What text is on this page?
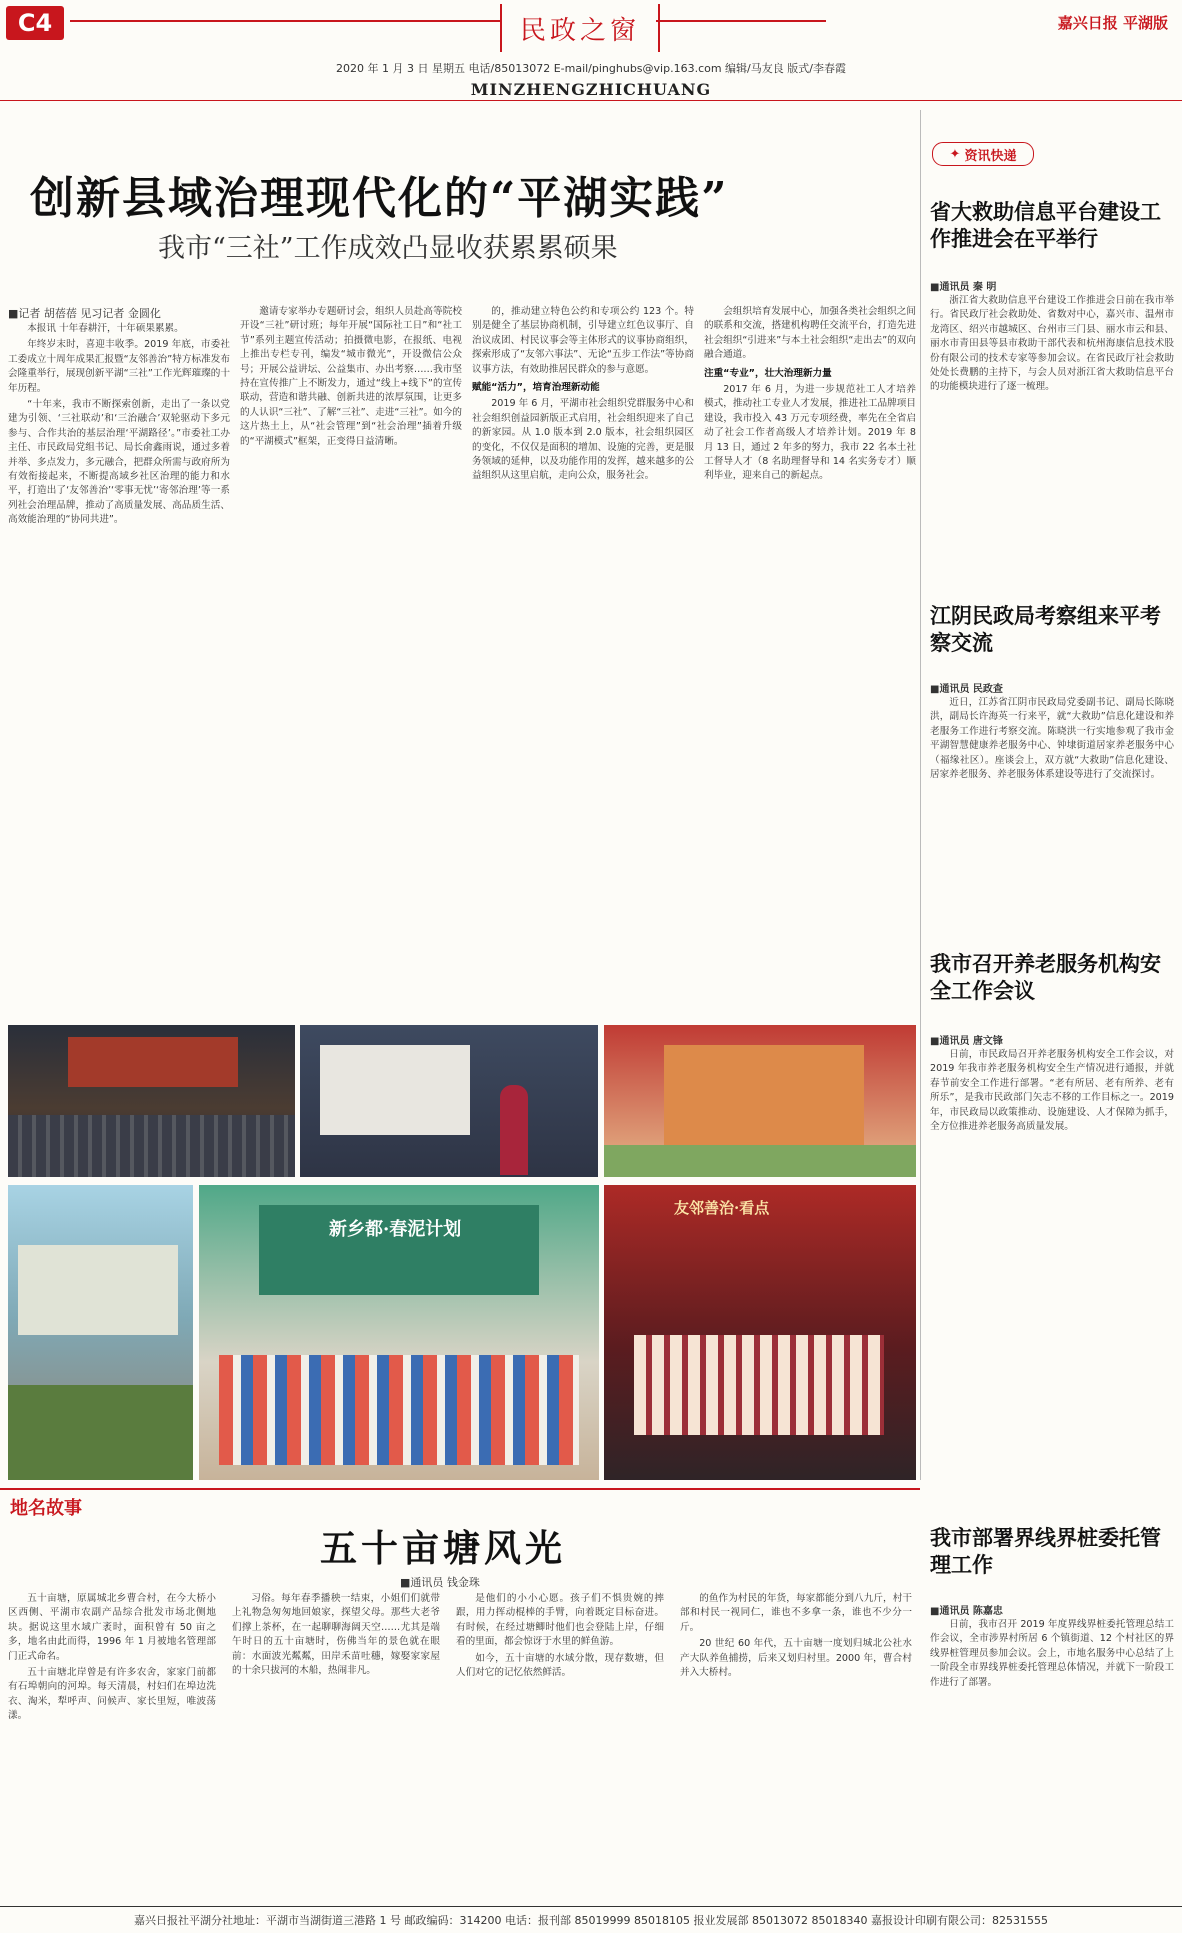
C4	民政之窗	嘉兴日报 平湖版
2020 年 1 月 3 日 星期五 电话/85013072 E-mail/pinghubs@vip.163.com 编辑/马友良 版式/李春霞
MINZHENGZHICHUANG
创新县域治理现代化的“平湖实践”
我市“三社”工作成效凸显收获累累硕果
■记者 胡蓓蓓 见习记者 金圆化

本报讯 十年春耕汗，十年硕果累累。

年终岁末时，喜迎丰收季。2019 年底，市委社工委成立十周年成果汇报暨“友邻善治”特方标准发布会隆重举行，展现创新平湖“三社”工作光辉璀璨的十年历程。

“十年来，我市不断探索创新，走出了一条以党建为引领、‘三社联动’和‘三治融合’双轮驱动下多元参与、合作共治的基层治理‘平湖路径’。”市委社工办主任、市民政局党组书记、局长俞鑫雨说，通过多着并举、多点发力，多元融合，把群众所需与政府所为有效衔接起来，不断提高域乡社区治理的能力和水平，打造出了‘友邻善治’‘零事无忧’‘寄邻治理’等一系列社会治理品牌，推动了高质量发展、高品质生活、高效能治理的“协同共进”。

邀请专家举办专题研讨会，组织人员赴高等院校开设“三社”研讨班；每年开展“国际社工日”和“社工节”系列主题宣传活动；拍摄微电影，在报纸、电视上推出专栏专刊，编发“城市微光”，开设微信公众号；开展公益讲坛、公益集市、办出考察……我市坚持在宣传推广上不断发力，通过“线上+线下”的宣传联动，营造和谐共融、创新共进的浓厚氛围，让更多的人认识“三社”、了解“三社”、走进“三社”。如今的这片热土上，从“社会管理”到“社会治理”插着升级的“平湖模式”框架，正变得日益清晰。

的，推动建立特色公约和专项公约 123 个。特别是健全了基层协商机制，引导建立红色议事厅、自治议成团、村民议事会等主体形式的议事协商组织，探索形成了“友邻六事法”、无论“五步工作法”等协商议事方法，有效助推居民群众的参与意愿。

赋能“活力”，培育治理新动能

2019 年 6 月，平湖市社会组织党群服务中心和社会组织创益园新版正式启用，社会组织迎来了自己的新家园。从 1.0 版本到 2.0 版本，社会组织园区的变化，不仅仅是面积的增加、设施的完善，更是服务领域的延伸，以及功能作用的发挥，越来越多的公益组织从这里启航，走向公众，服务社会。

会组织培育发展中心，加强各类社会组织之间的联系和交流，搭建机构聘任交流平台，打造先进社会组织“引进来”与本土社会组织“走出去”的双向融合通道。

注重“专业”，壮大治理新力量

2017 年 6 月，为进一步规范社工人才培养模式，推动社工专业人才发展，推进社工品牌项目建设，我市投入 43 万元专项经费，率先在全省启动了社会工作者高级人才培养计划。2019 年 8 月 13 日，通过 2 年多的努力，我市 22 名本土社工督导人才（8 名助理督导和 14 名实务专才）顺利毕业，迎来自己的新起点。

新乡都·春泥计划
友邻善治·看点
✦ 资讯快递
省大救助信息平台建设工作推进会在平举行
■通讯员 秦 明

浙江省大救助信息平台建设工作推进会日前在我市举行。省民政厅社会救助处、省数对中心，嘉兴市、温州市龙湾区、绍兴市越城区、台州市三门县、丽水市云和县、丽水市青田县等县市救助干部代表和杭州海康信息技术股份有限公司的技术专家等参加会议。在省民政厅社会救助处处长费鹏的主持下，与会人员对浙江省大救助信息平台的功能模块进行了逐一梳理。

江阴民政局考察组来平考察交流
■通讯员 民政查

近日，江苏省江阴市民政局党委副书记、副局长陈晓洪，副局长许海英一行来平，就“大救助”信息化建设和养老服务工作进行考察交流。陈晓洪一行实地参观了我市金平湖智慧健康养老服务中心、钟埭街道居家养老服务中心（福缘社区）。座谈会上，双方就“大救助”信息化建设、居家养老服务、养老服务体系建设等进行了交流探讨。

我市召开养老服务机构安全工作会议
■通讯员 唐文锋

日前，市民政局召开养老服务机构安全工作会议，对 2019 年我市养老服务机构安全生产情况进行通报，并就春节前安全工作进行部署。“老有所居、老有所养、老有所乐”，是我市民政部门矢志不移的工作目标之一。2019 年，市民政局以政策推动、设施建设、人才保障为抓手，全方位推进养老服务高质量发展。

我市部署界线界桩委托管理工作
■通讯员 陈嘉忠

日前，我市召开 2019 年度界线界桩委托管理总结工作会议，全市涉界村所居 6 个镇街道、12 个村社区的界线界桩管理员参加会议。会上，市地名服务中心总结了上一阶段全市界线界桩委托管理总体情况，并就下一阶段工作进行了部署。

地名故事
五十亩塘风光
■通讯员 钱金珠

五十亩塘，原属城北乡曹合村，在今大桥小区西侧、平湖市农副产品综合批发市场北侧地块。据说这里水域广袤时，面积曾有 50 亩之多，地名由此而得，1996 年 1 月被地名管理部门正式命名。

五十亩塘北岸曾是有许多农舍，家家门前都有石埠朝向的河埠。每天清晨，村妇们在埠边洗衣、淘米，犁呼声、问候声、家长里短，唯波荡漾。

习俗。每年春季播秧一结束，小姐们们就带上礼物急匆匆地回娘家，探望父母。那些大老爷们撑上茶杯，在一起聊聊海阔天空……尤其是端午时日的五十亩塘时，伤佛当年的景色就在眼前：水面波光粼粼，田岸禾苗吐穗，嫁娶家家屋的十余只拔河的木船，热闹非凡。

是他们的小小心愿。孩子们不惧贵婉的摔跟，用力挥动棍棒的手臂，向着既定目标奋进。有时候，在经过塘鲫时他们也会登陆上岸，仔细看的里面，都会惊讶于水里的鲜鱼游。

如今，五十亩塘的水域分散，现存数塘，但人们对它的记忆依然鲜活。

的鱼作为村民的年货，每家都能分到八九斤，村干部和村民一视同仁，谁也不多拿一条，谁也不少分一斤。

20 世纪 60 年代，五十亩塘一度划归城北公社水产大队养鱼捕捞，后来又划归村里。2000 年，曹合村并入大桥村。

嘉兴日报社平湖分社地址：平湖市当湖街道三港路 1 号 邮政编码：314200 电话：报刊部 85019999 85018105 报业发展部 85013072 85018340 嘉报设计印刷有限公司：82531555
